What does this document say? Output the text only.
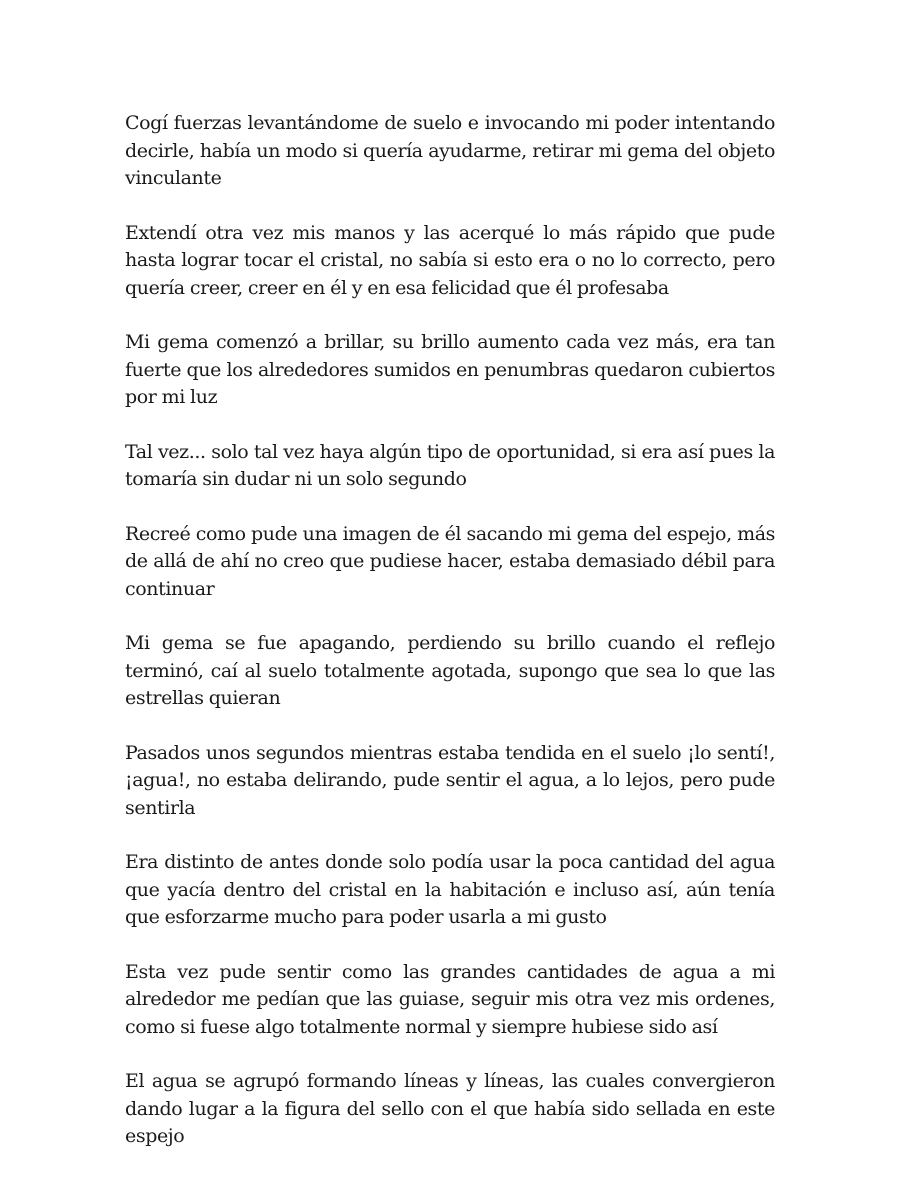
Cogí fuerzas levantándome de suelo e invocando mi poder intentando decirle, había un modo si quería ayudarme, retirar mi gema del objeto vinculante

Extendí otra vez mis manos y las acerqué lo más rápido que pude hasta lograr tocar el cristal, no sabía si esto era o no lo correcto, pero quería creer, creer en él y en esa felicidad que él profesaba

Mi gema comenzó a brillar, su brillo aumento cada vez más, era tan fuerte que los alrededores sumidos en penumbras quedaron cubiertos por mi luz

Tal vez... solo tal vez haya algún tipo de oportunidad, si era así pues la tomaría sin dudar ni un solo segundo

Recreé como pude una imagen de él sacando mi gema del espejo, más de allá de ahí no creo que pudiese hacer, estaba demasiado débil para continuar

Mi gema se fue apagando, perdiendo su brillo cuando el reflejo terminó, caí al suelo totalmente agotada, supongo que sea lo que las estrellas quieran

Pasados unos segundos mientras estaba tendida en el suelo ¡lo sentí!, ¡agua!, no estaba delirando, pude sentir el agua, a lo lejos, pero pude sentirla

Era distinto de antes donde solo podía usar la poca cantidad del agua que yacía dentro del cristal en la habitación e incluso así, aún tenía que esforzarme mucho para poder usarla a mi gusto

Esta vez pude sentir como las grandes cantidades de agua a mi alrededor me pedían que las guiase, seguir mis otra vez mis ordenes, como si fuese algo totalmente normal y siempre hubiese sido así

El agua se agrupó formando líneas y líneas, las cuales convergieron dando lugar a la figura del sello con el que había sido sellada en este espejo
